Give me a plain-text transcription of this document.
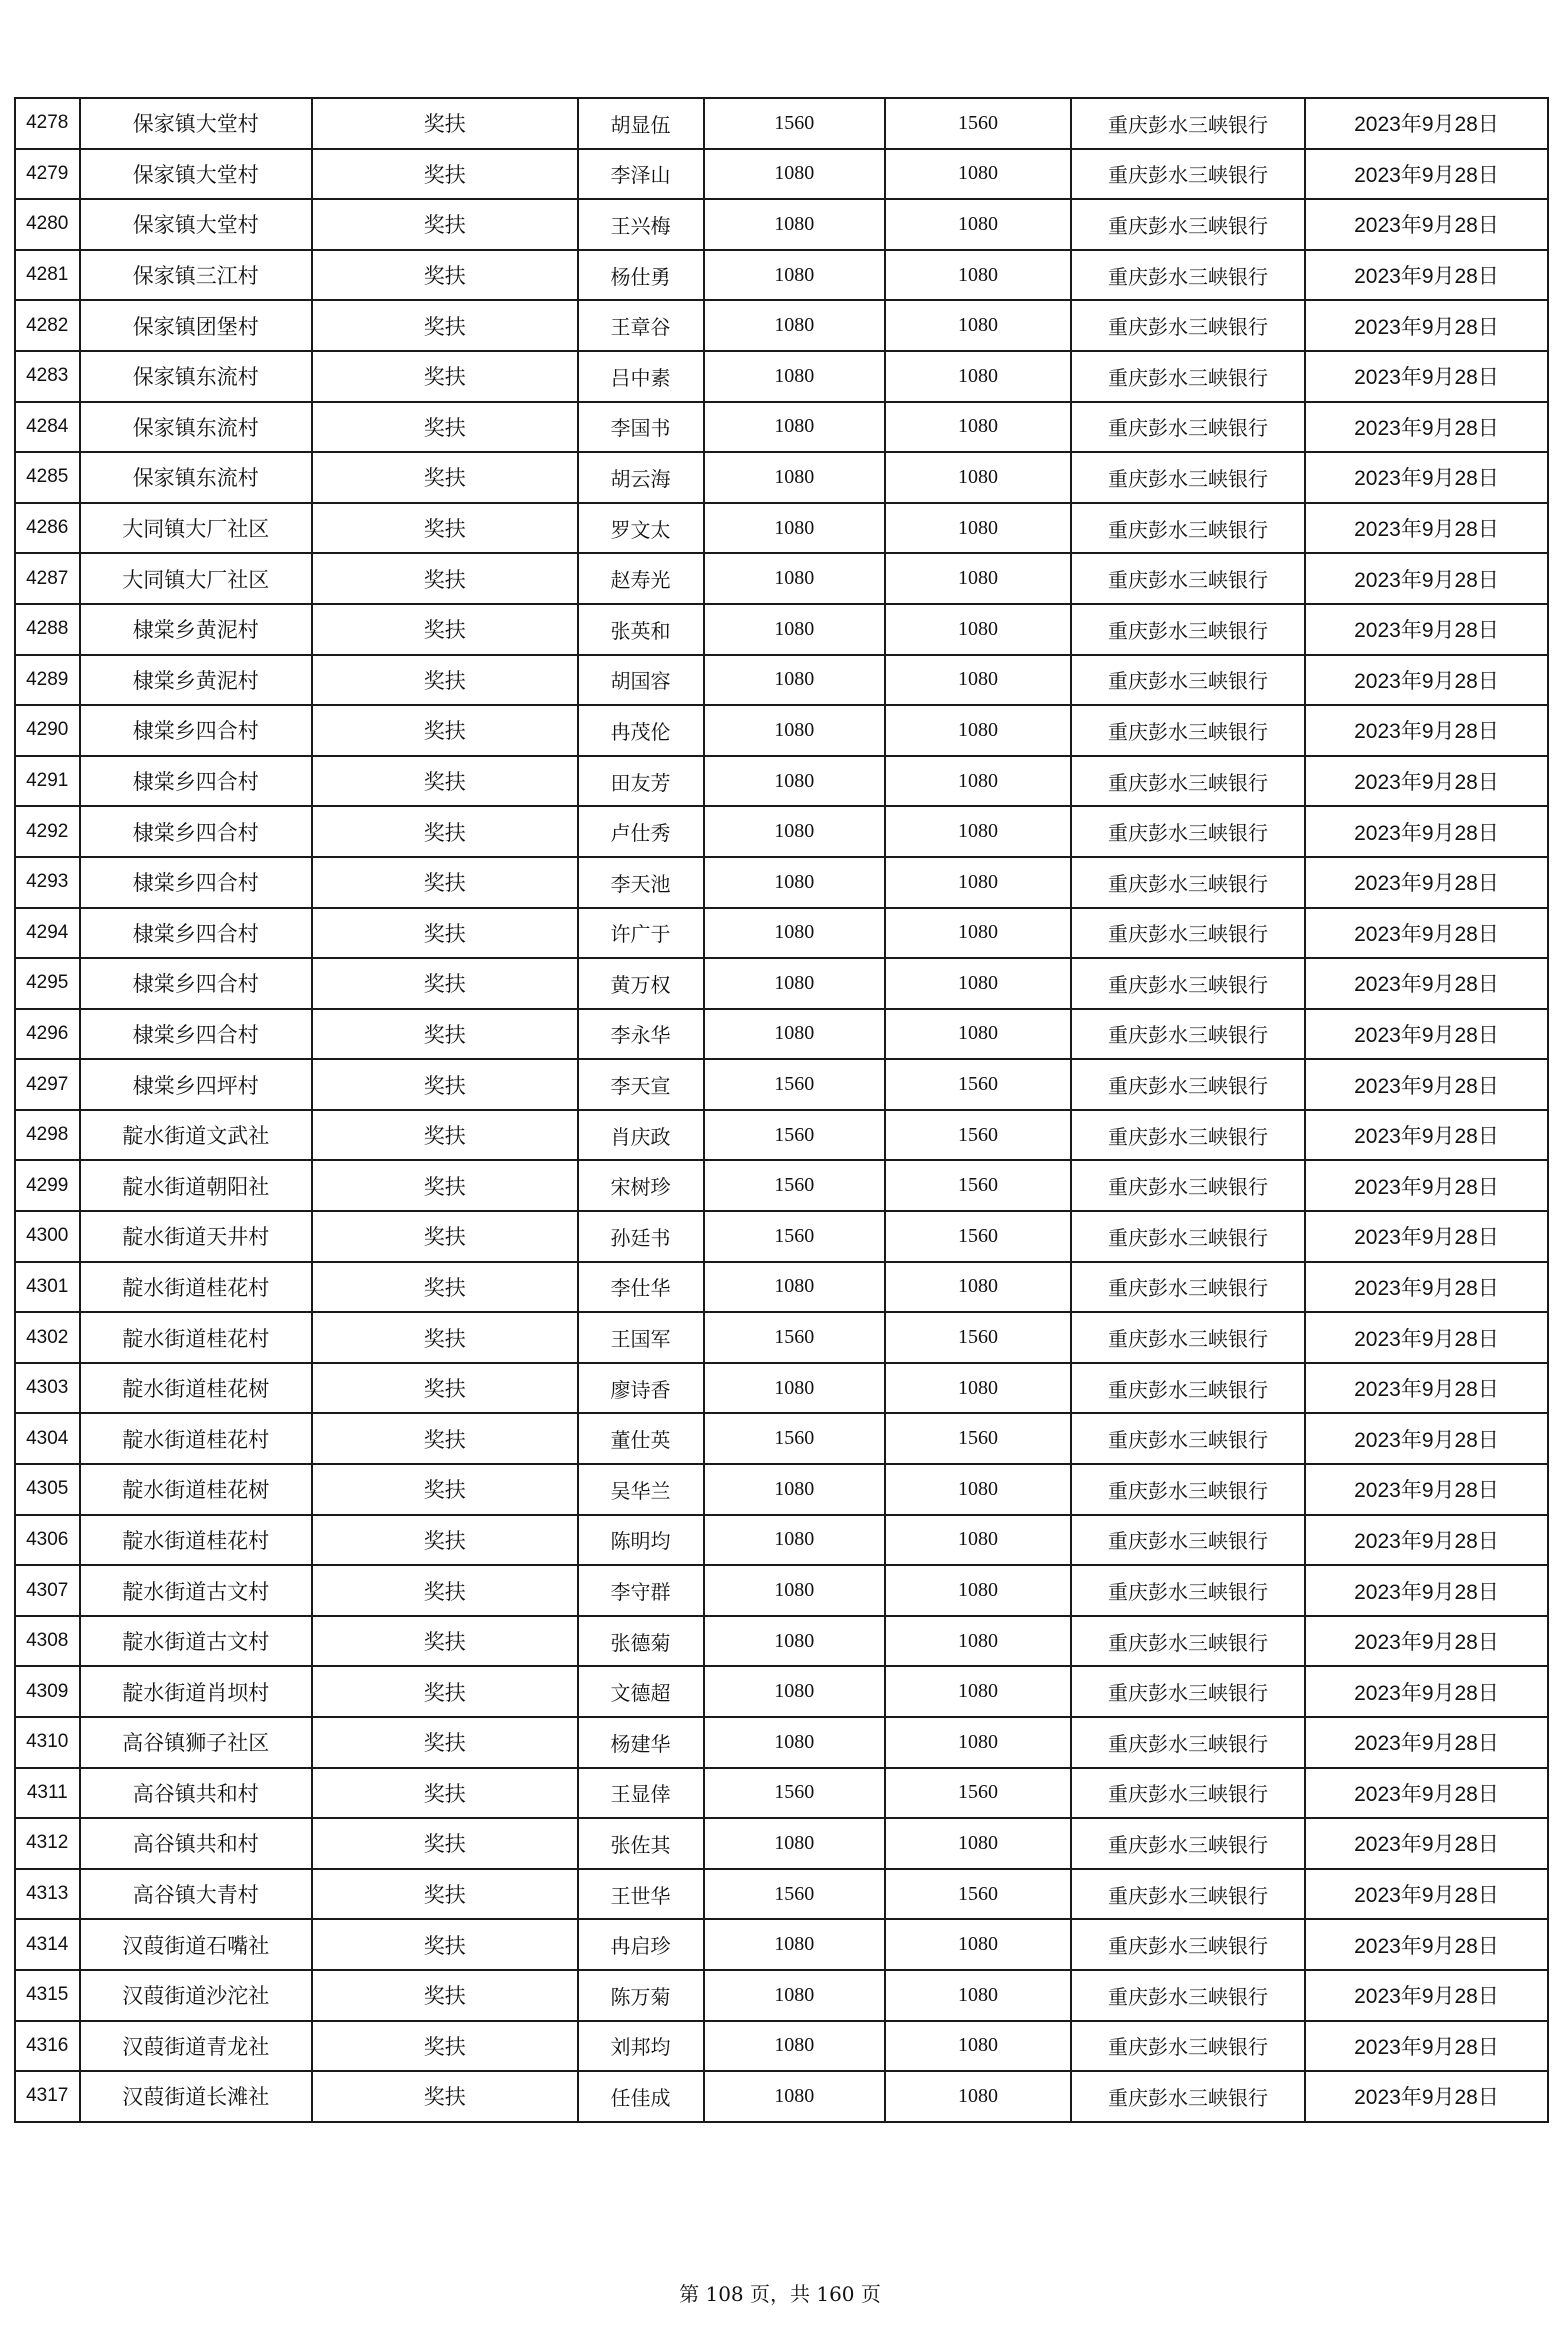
4278	保家镇大堂村	奖扶	胡显伍	1560	1560	重庆彭水三峡银行	2023年9月28日
4279	保家镇大堂村	奖扶	李泽山	1080	1080	重庆彭水三峡银行	2023年9月28日
4280	保家镇大堂村	奖扶	王兴梅	1080	1080	重庆彭水三峡银行	2023年9月28日
4281	保家镇三江村	奖扶	杨仕勇	1080	1080	重庆彭水三峡银行	2023年9月28日
4282	保家镇团堡村	奖扶	王章谷	1080	1080	重庆彭水三峡银行	2023年9月28日
4283	保家镇东流村	奖扶	吕中素	1080	1080	重庆彭水三峡银行	2023年9月28日
4284	保家镇东流村	奖扶	李国书	1080	1080	重庆彭水三峡银行	2023年9月28日
4285	保家镇东流村	奖扶	胡云海	1080	1080	重庆彭水三峡银行	2023年9月28日
4286	大同镇大厂社区	奖扶	罗文太	1080	1080	重庆彭水三峡银行	2023年9月28日
4287	大同镇大厂社区	奖扶	赵寿光	1080	1080	重庆彭水三峡银行	2023年9月28日
4288	棣棠乡黄泥村	奖扶	张英和	1080	1080	重庆彭水三峡银行	2023年9月28日
4289	棣棠乡黄泥村	奖扶	胡国容	1080	1080	重庆彭水三峡银行	2023年9月28日
4290	棣棠乡四合村	奖扶	冉茂伦	1080	1080	重庆彭水三峡银行	2023年9月28日
4291	棣棠乡四合村	奖扶	田友芳	1080	1080	重庆彭水三峡银行	2023年9月28日
4292	棣棠乡四合村	奖扶	卢仕秀	1080	1080	重庆彭水三峡银行	2023年9月28日
4293	棣棠乡四合村	奖扶	李天池	1080	1080	重庆彭水三峡银行	2023年9月28日
4294	棣棠乡四合村	奖扶	许广于	1080	1080	重庆彭水三峡银行	2023年9月28日
4295	棣棠乡四合村	奖扶	黄万权	1080	1080	重庆彭水三峡银行	2023年9月28日
4296	棣棠乡四合村	奖扶	李永华	1080	1080	重庆彭水三峡银行	2023年9月28日
4297	棣棠乡四坪村	奖扶	李天宣	1560	1560	重庆彭水三峡银行	2023年9月28日
4298	靛水街道文武社	奖扶	肖庆政	1560	1560	重庆彭水三峡银行	2023年9月28日
4299	靛水街道朝阳社	奖扶	宋树珍	1560	1560	重庆彭水三峡银行	2023年9月28日
4300	靛水街道天井村	奖扶	孙廷书	1560	1560	重庆彭水三峡银行	2023年9月28日
4301	靛水街道桂花村	奖扶	李仕华	1080	1080	重庆彭水三峡银行	2023年9月28日
4302	靛水街道桂花村	奖扶	王国军	1560	1560	重庆彭水三峡银行	2023年9月28日
4303	靛水街道桂花树	奖扶	廖诗香	1080	1080	重庆彭水三峡银行	2023年9月28日
4304	靛水街道桂花村	奖扶	董仕英	1560	1560	重庆彭水三峡银行	2023年9月28日
4305	靛水街道桂花树	奖扶	吴华兰	1080	1080	重庆彭水三峡银行	2023年9月28日
4306	靛水街道桂花村	奖扶	陈明均	1080	1080	重庆彭水三峡银行	2023年9月28日
4307	靛水街道古文村	奖扶	李守群	1080	1080	重庆彭水三峡银行	2023年9月28日
4308	靛水街道古文村	奖扶	张德菊	1080	1080	重庆彭水三峡银行	2023年9月28日
4309	靛水街道肖坝村	奖扶	文德超	1080	1080	重庆彭水三峡银行	2023年9月28日
4310	高谷镇狮子社区	奖扶	杨建华	1080	1080	重庆彭水三峡银行	2023年9月28日
4311	高谷镇共和村	奖扶	王显倖	1560	1560	重庆彭水三峡银行	2023年9月28日
4312	高谷镇共和村	奖扶	张佐其	1080	1080	重庆彭水三峡银行	2023年9月28日
4313	高谷镇大青村	奖扶	王世华	1560	1560	重庆彭水三峡银行	2023年9月28日
4314	汉葭街道石嘴社	奖扶	冉启珍	1080	1080	重庆彭水三峡银行	2023年9月28日
4315	汉葭街道沙沱社	奖扶	陈万菊	1080	1080	重庆彭水三峡银行	2023年9月28日
4316	汉葭街道青龙社	奖扶	刘邦均	1080	1080	重庆彭水三峡银行	2023年9月28日
4317	汉葭街道长滩社	奖扶	任佳成	1080	1080	重庆彭水三峡银行	2023年9月28日
第 108 页，共 160 页
